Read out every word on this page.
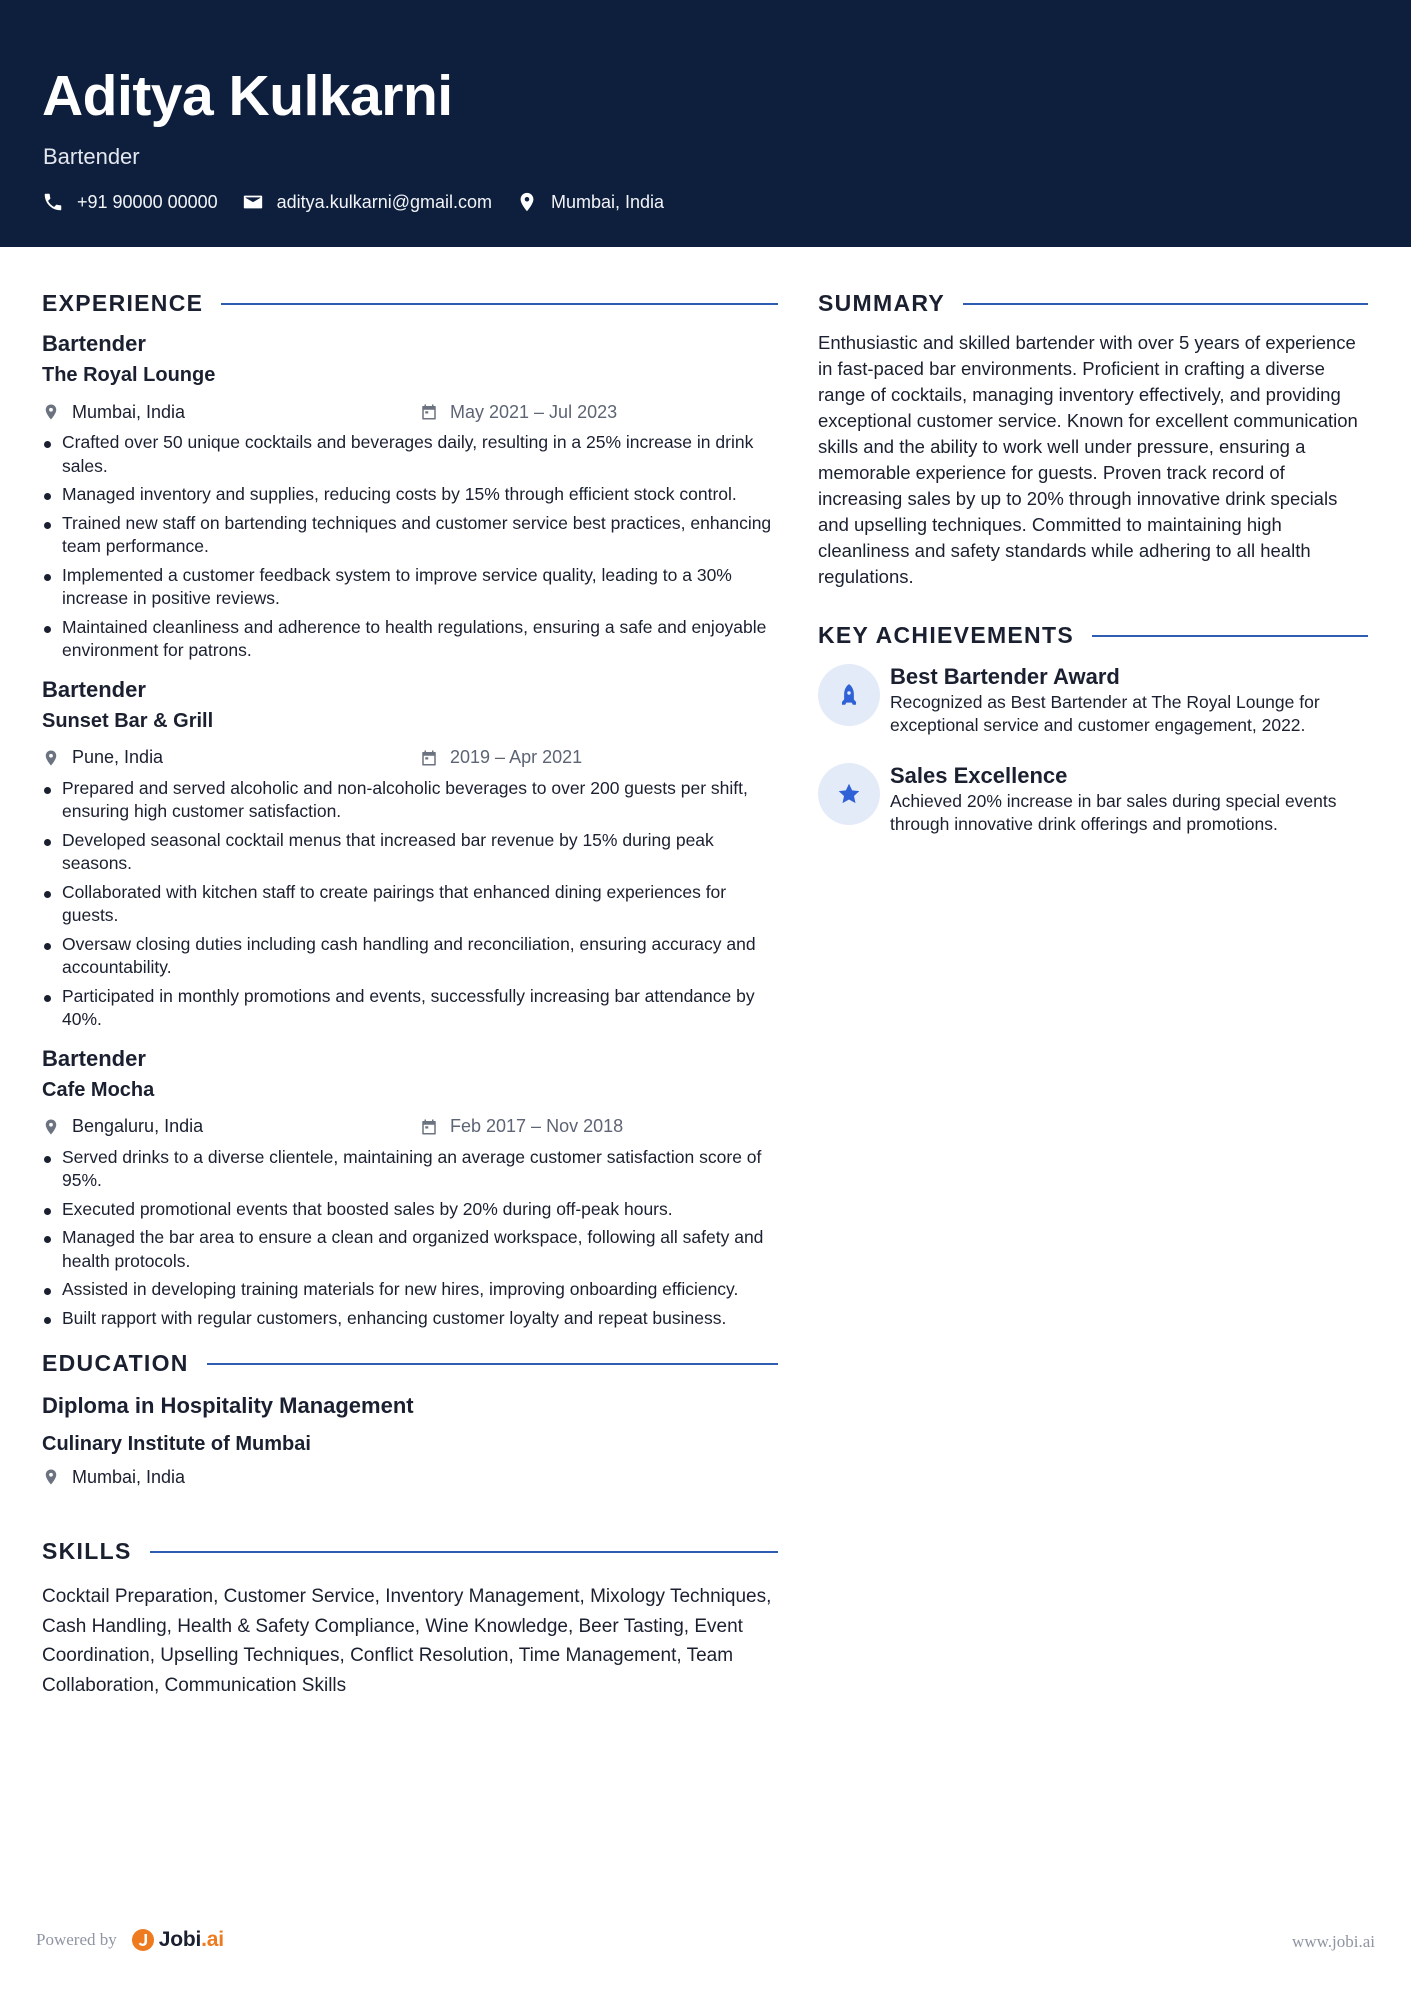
Aditya Kulkarni
Bartender
+91 90000 00000	aditya.kulkarni@gmail.com	Mumbai, India
EXPERIENCE
Bartender
The Royal Lounge
Mumbai, India	May 2021 – Jul 2023
Crafted over 50 unique cocktails and beverages daily, resulting in a 25% increase in drink sales.
Managed inventory and supplies, reducing costs by 15% through efficient stock control.
Trained new staff on bartending techniques and customer service best practices, enhancing team performance.
Implemented a customer feedback system to improve service quality, leading to a 30% increase in positive reviews.
Maintained cleanliness and adherence to health regulations, ensuring a safe and enjoyable environment for patrons.
Bartender
Sunset Bar & Grill
Pune, India	2019 – Apr 2021
Prepared and served alcoholic and non-alcoholic beverages to over 200 guests per shift, ensuring high customer satisfaction.
Developed seasonal cocktail menus that increased bar revenue by 15% during peak seasons.
Collaborated with kitchen staff to create pairings that enhanced dining experiences for guests.
Oversaw closing duties including cash handling and reconciliation, ensuring accuracy and accountability.
Participated in monthly promotions and events, successfully increasing bar attendance by 40%.
Bartender
Cafe Mocha
Bengaluru, India	Feb 2017 – Nov 2018
Served drinks to a diverse clientele, maintaining an average customer satisfaction score of 95%.
Executed promotional events that boosted sales by 20% during off-peak hours.
Managed the bar area to ensure a clean and organized workspace, following all safety and health protocols.
Assisted in developing training materials for new hires, improving onboarding efficiency.
Built rapport with regular customers, enhancing customer loyalty and repeat business.
EDUCATION
Diploma in Hospitality Management
Culinary Institute of Mumbai
Mumbai, India
SKILLS
Cocktail Preparation, Customer Service, Inventory Management, Mixology Techniques, Cash Handling, Health & Safety Compliance, Wine Knowledge, Beer Tasting, Event Coordination, Upselling Techniques, Conflict Resolution, Time Management, Team Collaboration, Communication Skills
SUMMARY
Enthusiastic and skilled bartender with over 5 years of experience in fast-paced bar environments. Proficient in crafting a diverse range of cocktails, managing inventory effectively, and providing exceptional customer service. Known for excellent communication skills and the ability to work well under pressure, ensuring a memorable experience for guests. Proven track record of increasing sales by up to 20% through innovative drink specials and upselling techniques. Committed to maintaining high cleanliness and safety standards while adhering to all health regulations.
KEY ACHIEVEMENTS
Best Bartender Award
Recognized as Best Bartender at The Royal Lounge for exceptional service and customer engagement, 2022.
Sales Excellence
Achieved 20% increase in bar sales during special events through innovative drink offerings and promotions.
Powered by Jobi.ai	www.jobi.ai
